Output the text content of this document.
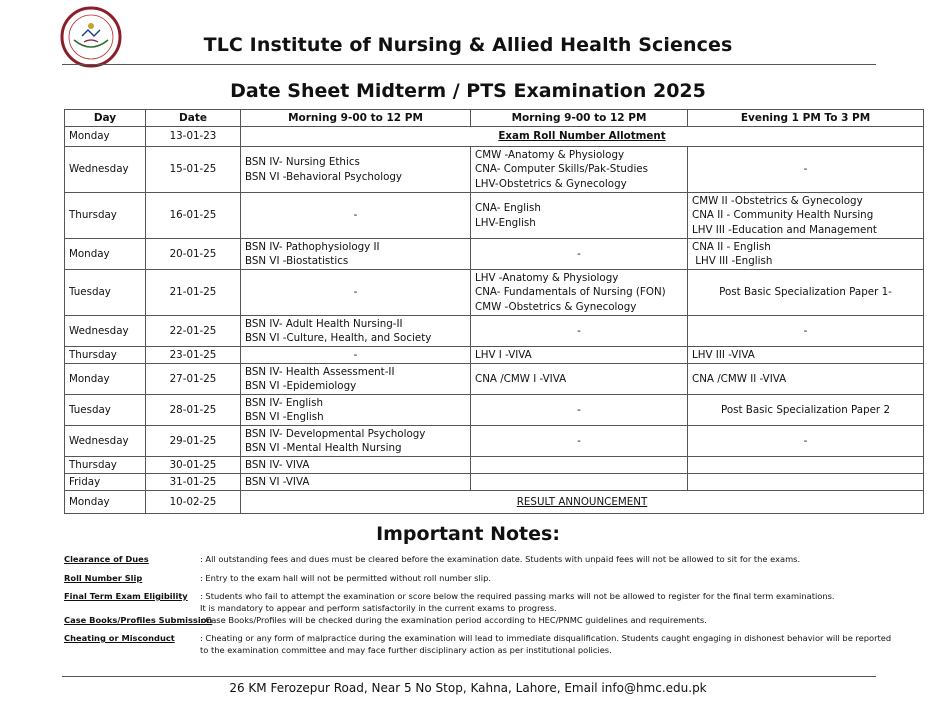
TLC Institute of Nursing & Allied Health Sciences
Date Sheet Midterm / PTS Examination 2025
Day	Date	Morning 9-00 to 12 PM	Morning 9-00 to 12 PM	Evening 1 PM To 3 PM
Monday	13-01-23	Exam Roll Number Allotment		
Wednesday	15-01-25	BSN IV- Nursing Ethics
BSN VI -Behavioral Psychology	CMW -Anatomy & Physiology
CNA- Computer Skills/Pak-Studies
LHV-Obstetrics & Gynecology	-

Thursday	16-01-25	-	CNA- English
LHV-English	CMW II -Obstetrics & Gynecology
CNA II - Community Health Nursing
LHV III -Education and Management

Monday	20-01-25	BSN IV- Pathophysiology II
BSN VI -Biostatistics	-	CNA II - English
LHV III -English

Tuesday	21-01-25	-	LHV -Anatomy & Physiology
CNA- Fundamentals of Nursing (FON)
CMW -Obstetrics & Gynecology	Post Basic Specialization Paper 1-

Wednesday	22-01-25	BSN IV- Adult Health Nursing-II
BSN VI -Culture, Health, and Society	-	-

Thursday	23-01-25	-	LHV I -VIVA	LHV III -VIVA

Monday	27-01-25	BSN IV- Health Assessment-II
BSN VI -Epidemiology	CNA /CMW I -VIVA	CNA /CMW II -VIVA

Tuesday	28-01-25	BSN IV- English
BSN VI -English	-	Post Basic Specialization Paper 2

Wednesday	29-01-25	BSN IV- Developmental Psychology
BSN VI -Mental Health Nursing	-	-

Thursday	30-01-25	BSN IV- VIVA		

Friday	31-01-25	BSN VI -VIVA		

Monday	10-02-25	RESULT ANNOUNCEMENT		
Important Notes:
Clearance of Dues	: All outstanding fees and dues must be cleared before the examination date. Students with unpaid fees will not be allowed to sit for the exams.
Roll Number Slip	: Entry to the exam hall will not be permitted without roll number slip.
Final Term Exam Eligibility : Students who fail to attempt the examination or score below the required passing marks will not be allowed to register for the final term examinations.
It is mandatory to appear and perform satisfactorily in the current exams to progress.
Case Books/Profiles Submission
: Case Books/Profiles will be checked during the examination period according to HEC/PNMC guidelines and requirements.
Cheating or Misconduct	: Cheating or any form of malpractice during the examination will lead to immediate disqualification. Students caught engaging in dishonest behavior will be reported
to the examination committee and may face further disciplinary action as per institutional policies.
26 KM Ferozepur Road, Near 5 No Stop, Kahna, Lahore, Email info@hmc.edu.pk
